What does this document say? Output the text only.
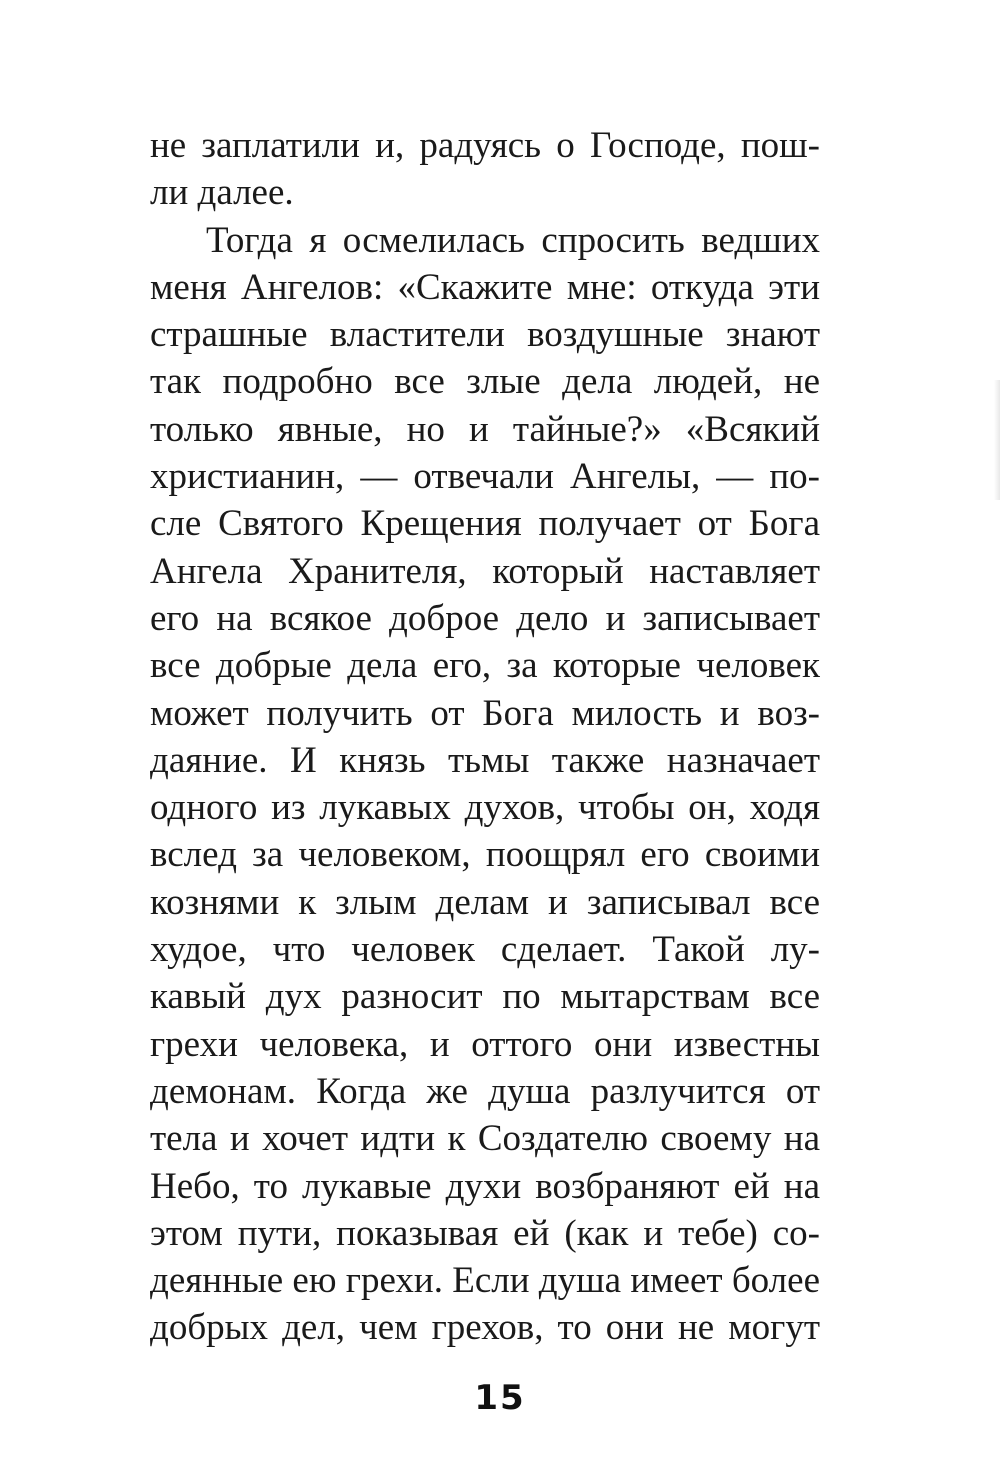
не заплатили и, радуясь о Господе, пош-
ли далее.
Тогда я осмелилась спросить ведших
меня Ангелов: «Скажите мне: откуда эти
страшные властители воздушные знают
так подробно все злые дела людей, не
только явные, но и тайные?» «Всякий
христианин, — отвечали Ангелы, — по-
сле Святого Крещения получает от Бога
Ангела Хранителя, который наставляет
его на всякое доброе дело и записывает
все добрые дела его, за которые человек
может получить от Бога милость и воз-
даяние. И князь тьмы также назначает
одного из лукавых духов, чтобы он, ходя
вслед за человеком, поощрял его своими
кознями к злым делам и записывал все
худое, что человек сделает. Такой лу-
кавый дух разносит по мытарствам все
грехи человека, и оттого они известны
демонам. Когда же душа разлучится от
тела и хочет идти к Создателю своему на
Небо, то лукавые духи возбраняют ей на
этом пути, показывая ей (как и тебе) со-
деянные ею грехи. Если душа имеет более
добрых дел, чем грехов, то они не могут
15
